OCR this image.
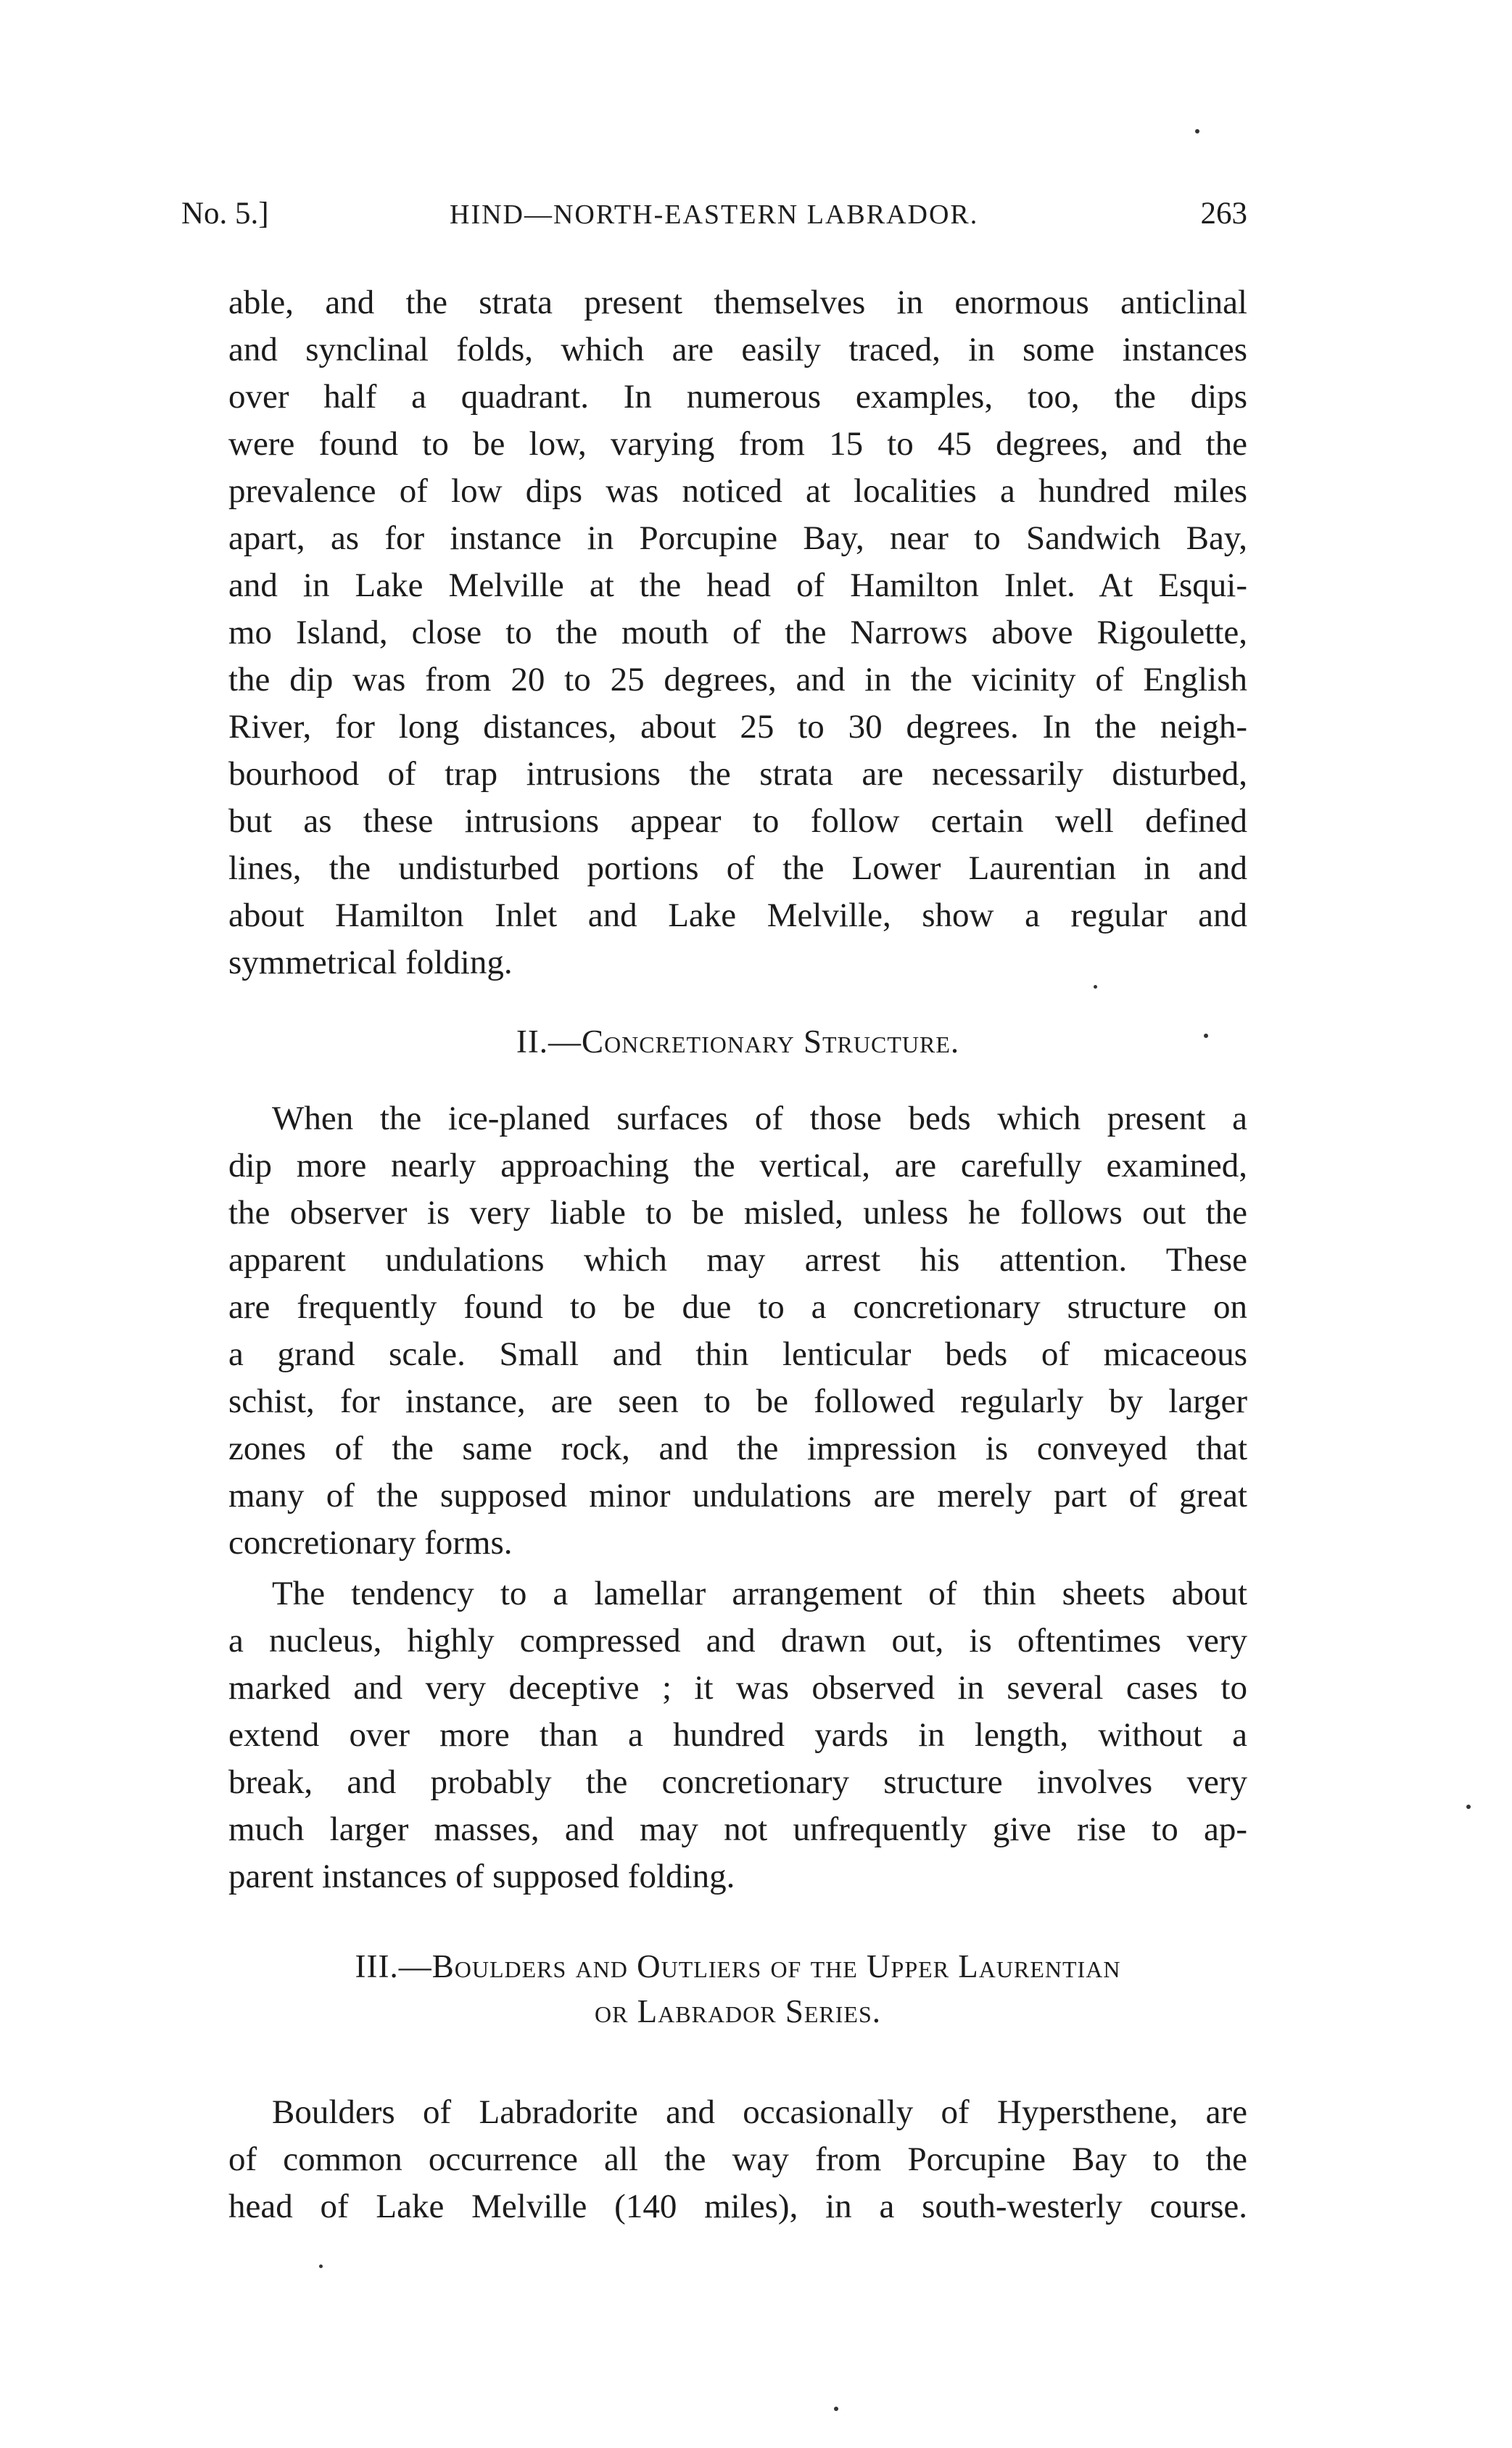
No. 5.]	HIND—NORTH-EASTERN LABRADOR.	263
able, and the strata present themselves in enormous anticlinal
and synclinal folds, which are easily traced, in some instances
over half a quadrant. In numerous examples, too, the dips
were found to be low, varying from 15 to 45 degrees, and the
prevalence of low dips was noticed at localities a hundred miles
apart, as for instance in Porcupine Bay, near to Sandwich Bay,
and in Lake Melville at the head of Hamilton Inlet. At Esqui-
mo Island, close to the mouth of the Narrows above Rigoulette,
the dip was from 20 to 25 degrees, and in the vicinity of English
River, for long distances, about 25 to 30 degrees. In the neigh-
bourhood of trap intrusions the strata are necessarily disturbed,
but as these intrusions appear to follow certain well defined
lines, the undisturbed portions of the Lower Laurentian in and
about Hamilton Inlet and Lake Melville, show a regular and
symmetrical folding.
II.—Concretionary Structure.
When the ice-planed surfaces of those beds which present a
dip more nearly approaching the vertical, are carefully examined,
the observer is very liable to be misled, unless he follows out the
apparent undulations which may arrest his attention. These
are frequently found to be due to a concretionary structure on
a grand scale. Small and thin lenticular beds of micaceous
schist, for instance, are seen to be followed regularly by larger
zones of the same rock, and the impression is conveyed that
many of the supposed minor undulations are merely part of great
concretionary forms.
The tendency to a lamellar arrangement of thin sheets about
a nucleus, highly compressed and drawn out, is oftentimes very
marked and very deceptive ; it was observed in several cases to
extend over more than a hundred yards in length, without a
break, and probably the concretionary structure involves very
much larger masses, and may not unfrequently give rise to ap-
parent instances of supposed folding.
III.—Boulders and Outliers of the Upper Laurentian
or Labrador Series.
Boulders of Labradorite and occasionally of Hypersthene, are
of common occurrence all the way from Porcupine Bay to the
head of Lake Melville (140 miles), in a south-westerly course.
